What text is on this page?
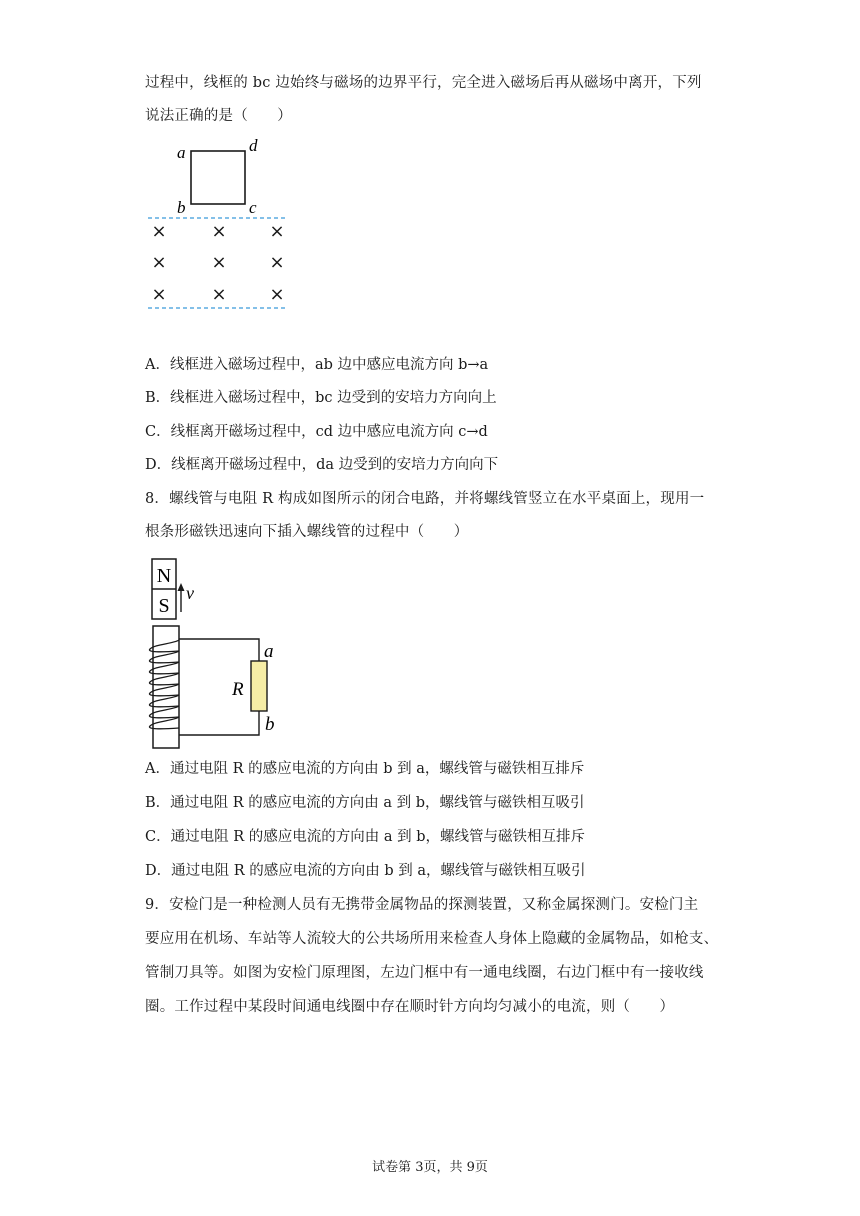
过程中，线框的 bc 边始终与磁场的边界平行，完全进入磁场后再从磁场中离开，下列
说法正确的是（　　）
a	d
b	c
× × ×
× × ×
× × ×
A．线框进入磁场过程中，ab 边中感应电流方向 b→a
B．线框进入磁场过程中，bc 边受到的安培力方向向上
C．线框离开磁场过程中，cd 边中感应电流方向 c→d
D．线框离开磁场过程中，da 边受到的安培力方向向下
8．螺线管与电阻 R 构成如图所示的闭合电路，并将螺线管竖立在水平桌面上，现用一
根条形磁铁迅速向下插入螺线管的过程中（　　）
N
S
v
R
a
b
A．通过电阻 R 的感应电流的方向由 b 到 a，螺线管与磁铁相互排斥
B．通过电阻 R 的感应电流的方向由 a 到 b，螺线管与磁铁相互吸引
C．通过电阻 R 的感应电流的方向由 a 到 b，螺线管与磁铁相互排斥
D．通过电阻 R 的感应电流的方向由 b 到 a，螺线管与磁铁相互吸引
9．安检门是一种检测人员有无携带金属物品的探测装置，又称金属探测门。安检门主
要应用在机场、车站等人流较大的公共场所用来检查人身体上隐藏的金属物品，如枪支、
管制刀具等。如图为安检门原理图，左边门框中有一通电线圈，右边门框中有一接收线
圈。工作过程中某段时间通电线圈中存在顺时针方向均匀减小的电流，则（　　）
试卷第 3页，共 9页
